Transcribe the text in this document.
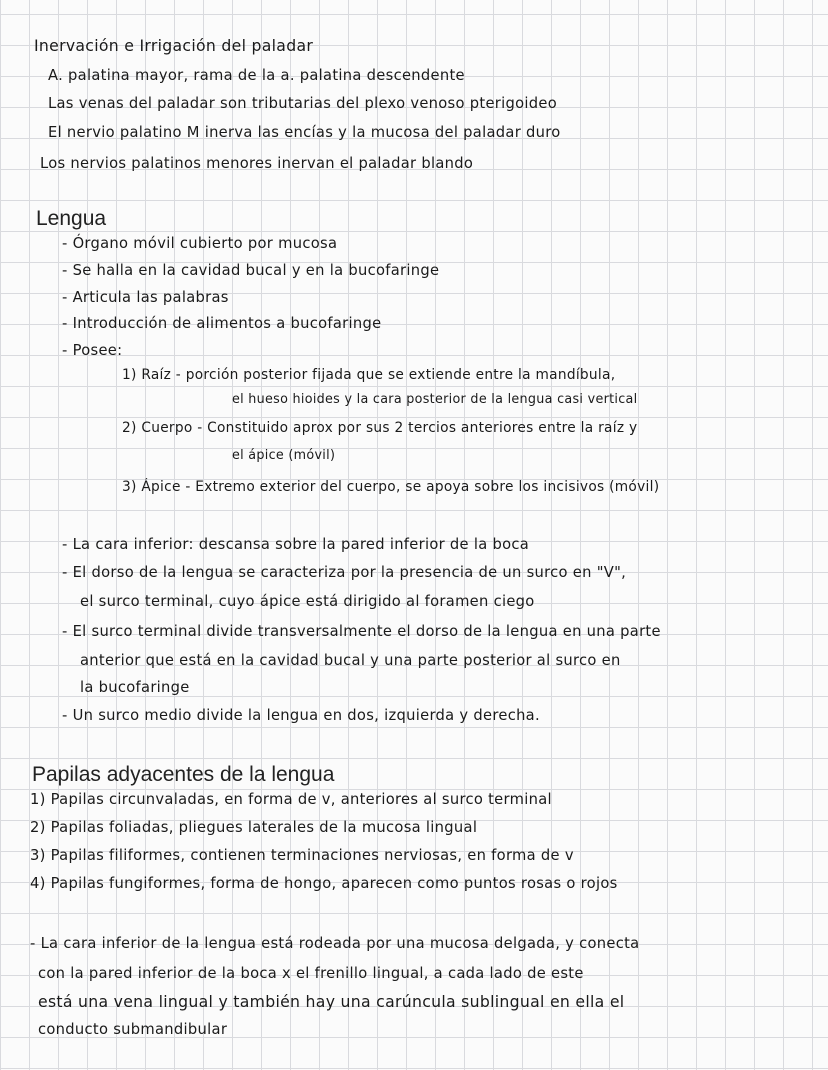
Inervación e Irrigación del paladar
A. palatina mayor, rama de la a. palatina descendente
Las venas del paladar son tributarias del plexo venoso pterigoideo
El nervio palatino M inerva las encías y la mucosa del paladar duro
Los nervios palatinos menores inervan el paladar blando
Lengua
- Órgano móvil cubierto por mucosa
- Se halla en la cavidad bucal y en la bucofaringe
- Articula las palabras
- Introducción de alimentos a bucofaringe
- Posee:
1) Raíz - porción posterior fijada que se extiende entre la mandíbula,
el hueso hioides y la cara posterior de la lengua casi vertical
2) Cuerpo - Constituido aprox por sus 2 tercios anteriores entre la raíz y
el ápice (móvil)
3) Ápice - Extremo exterior del cuerpo, se apoya sobre los incisivos (móvil)
- La cara inferior: descansa sobre la pared inferior de la boca
- El dorso de la lengua se caracteriza por la presencia de un surco en "V",
el surco terminal, cuyo ápice está dirigido al foramen ciego
- El surco terminal divide transversalmente el dorso de la lengua en una parte
anterior que está en la cavidad bucal y una parte posterior al surco en
la bucofaringe
- Un surco medio divide la lengua en dos, izquierda y derecha.
Papilas adyacentes de la lengua
1) Papilas circunvaladas, en forma de v, anteriores al surco terminal
2) Papilas foliadas, pliegues laterales de la mucosa lingual
3) Papilas filiformes, contienen terminaciones nerviosas, en forma de v
4) Papilas fungiformes, forma de hongo, aparecen como puntos rosas o rojos
- La cara inferior de la lengua está rodeada por una mucosa delgada, y conecta
con la pared inferior de la boca x el frenillo lingual, a cada lado de este
está una vena lingual y también hay una carúncula sublingual en ella el
conducto submandibular
